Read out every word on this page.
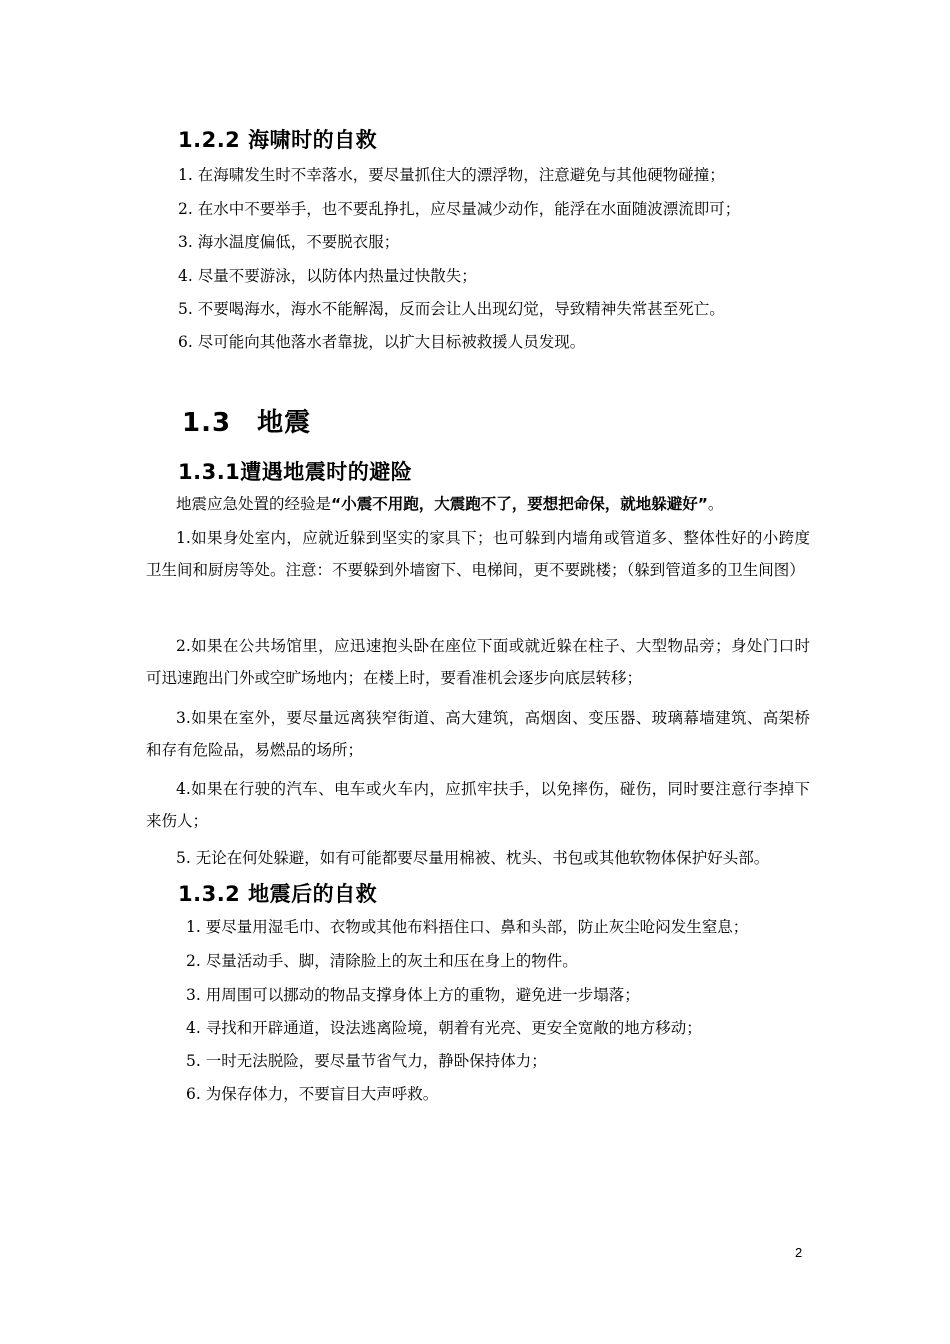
1.2.2 海啸时的自救
1. 在海啸发生时不幸落水，要尽量抓住大的漂浮物，注意避免与其他硬物碰撞；
2. 在水中不要举手，也不要乱挣扎，应尽量减少动作，能浮在水面随波漂流即可；
3. 海水温度偏低，不要脱衣服；
4. 尽量不要游泳，以防体内热量过快散失；
5. 不要喝海水，海水不能解渴，反而会让人出现幻觉，导致精神失常甚至死亡。
6. 尽可能向其他落水者靠拢，以扩大目标被救援人员发现。
1.3 地震
1.3.1遭遇地震时的避险
地震应急处置的经验是“小震不用跑，大震跑不了，要想把命保，就地躲避好”。
1.如果身处室内，应就近躲到坚实的家具下；也可躲到内墙角或管道多、整体性好的小跨度卫生间和厨房等处。注意：不要躲到外墙窗下、电梯间，更不要跳楼；（躲到管道多的卫生间图）
2.如果在公共场馆里，应迅速抱头卧在座位下面或就近躲在柱子、大型物品旁；身处门口时可迅速跑出门外或空旷场地内；在楼上时，要看准机会逐步向底层转移；
3.如果在室外，要尽量远离狭窄街道、高大建筑，高烟囱、变压器、玻璃幕墙建筑、高架桥和存有危险品，易燃品的场所；
4.如果在行驶的汽车、电车或火车内，应抓牢扶手，以免摔伤，碰伤，同时要注意行李掉下来伤人；
5. 无论在何处躲避，如有可能都要尽量用棉被、枕头、书包或其他软物体保护好头部。
1.3.2 地震后的自救
1. 要尽量用湿毛巾、衣物或其他布料捂住口、鼻和头部，防止灰尘呛闷发生窒息；
2. 尽量活动手、脚，清除脸上的灰土和压在身上的物件。
3. 用周围可以挪动的物品支撑身体上方的重物，避免进一步塌落；
4. 寻找和开辟通道，设法逃离险境，朝着有光亮、更安全宽敞的地方移动；
5. 一时无法脱险，要尽量节省气力，静卧保持体力；
6. 为保存体力，不要盲目大声呼救。
2
